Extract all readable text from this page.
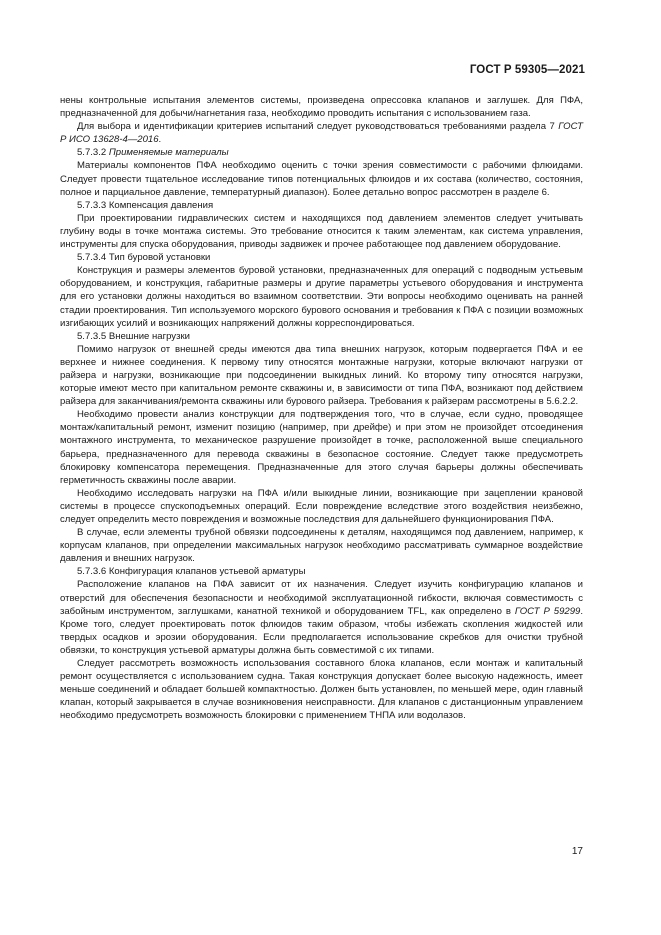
ГОСТ Р 59305—2021

нены контрольные испытания элементов системы, произведена опрессовка клапанов и заглушек. Для ПФА, предназначенной для добычи/нагнетания газа, необходимо проводить испытания с использованием газа.

Для выбора и идентификации критериев испытаний следует руководствоваться требованиями раздела 7 ГОСТ Р ИСО 13628-4—2016.

5.7.3.2 Применяемые материалы

Материалы компонентов ПФА необходимо оценить с точки зрения совместимости с рабочими флюидами. Следует провести тщательное исследование типов потенциальных флюидов и их состава (количество, состояния, полное и парциальное давление, температурный диапазон). Более детально вопрос рассмотрен в разделе 6.

5.7.3.3 Компенсация давления

При проектировании гидравлических систем и находящихся под давлением элементов следует учитывать глубину воды в точке монтажа системы. Это требование относится к таким элементам, как система управления, инструменты для спуска оборудования, приводы задвижек и прочее работающее под давлением оборудование.

5.7.3.4 Тип буровой установки

Конструкция и размеры элементов буровой установки, предназначенных для операций с подводным устьевым оборудованием, и конструкция, габаритные размеры и другие параметры устьевого оборудования и инструмента для его установки должны находиться во взаимном соответствии. Эти вопросы необходимо оценивать на ранней стадии проектирования. Тип используемого морского бурового основания и требования к ПФА с позиции возможных изгибающих усилий и возникающих напряжений должны корреспондироваться.

5.7.3.5 Внешние нагрузки

Помимо нагрузок от внешней среды имеются два типа внешних нагрузок, которым подвергается ПФА и ее верхнее и нижнее соединения. К первому типу относятся монтажные нагрузки, которые включают нагрузки от райзера и нагрузки, возникающие при подсоединении выкидных линий. Ко второму типу относятся нагрузки, которые имеют место при капитальном ремонте скважины и, в зависимости от типа ПФА, возникают под действием райзера для заканчивания/ремонта скважины или бурового райзера. Требования к райзерам рассмотрены в 5.6.2.2.

Необходимо провести анализ конструкции для подтверждения того, что в случае, если судно, проводящее монтаж/капитальный ремонт, изменит позицию (например, при дрейфе) и при этом не произойдет отсоединения монтажного инструмента, то механическое разрушение произойдет в точке, расположенной выше специального барьера, предназначенного для перевода скважины в безопасное состояние. Следует также предусмотреть блокировку компенсатора перемещения. Предназначенные для этого случая барьеры должны обеспечивать герметичность скважины после аварии.

Необходимо исследовать нагрузки на ПФА и/или выкидные линии, возникающие при зацеплении крановой системы в процессе спускоподъемных операций. Если повреждение вследствие этого воздействия неизбежно, следует определить место повреждения и возможные последствия для дальнейшего функционирования ПФА.

В случае, если элементы трубной обвязки подсоединены к деталям, находящимся под давлением, например, к корпусам клапанов, при определении максимальных нагрузок необходимо рассматривать суммарное воздействие давления и внешних нагрузок.

5.7.3.6 Конфигурация клапанов устьевой арматуры

Расположение клапанов на ПФА зависит от их назначения. Следует изучить конфигурацию клапанов и отверстий для обеспечения безопасности и необходимой эксплуатационной гибкости, включая совместимость с забойным инструментом, заглушками, канатной техникой и оборудованием TFL, как определено в ГОСТ Р 59299. Кроме того, следует проектировать поток флюидов таким образом, чтобы избежать скопления жидкостей или твердых осадков и эрозии оборудования. Если предполагается использование скребков для очистки трубной обвязки, то конструкция устьевой арматуры должна быть совместимой с их типами.

Следует рассмотреть возможность использования составного блока клапанов, если монтаж и капитальный ремонт осуществляется с использованием судна. Такая конструкция допускает более высокую надежность, имеет меньше соединений и обладает большей компактностью. Должен быть установлен, по меньшей мере, один главный клапан, который закрывается в случае возникновения неисправности. Для клапанов с дистанционным управлением необходимо предусмотреть возможность блокировки с применением ТНПА или водолазов.

17
